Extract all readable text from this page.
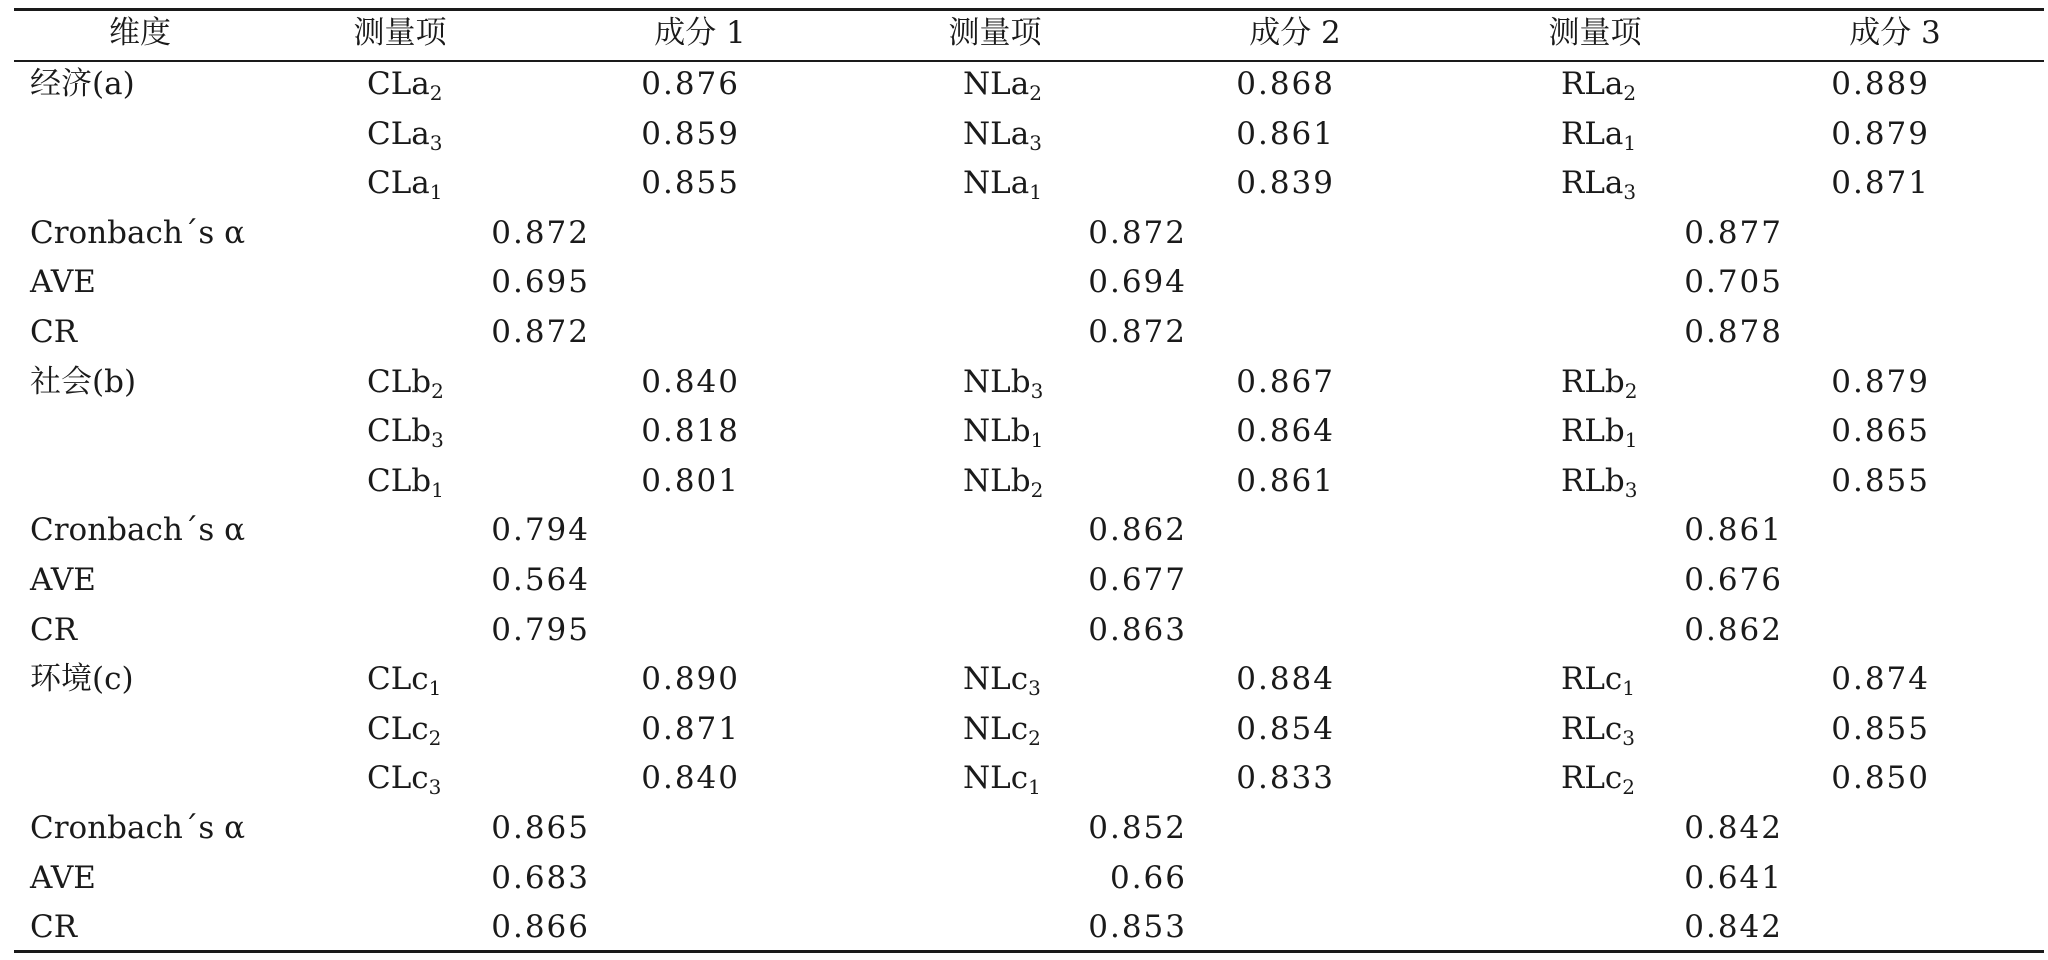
维度	测量项	成分 1	测量项	成分 2	测量项	成分 3
经济(a)	CLa$_2$	0.876	NLa$_2$	0.868	RLa$_2$	0.889
CLa$_3$	0.859	NLa$_3$	0.861	RLa$_1$	0.879
CLa$_1$	0.855	NLa$_1$	0.839	RLa$_3$	0.871
Cronbach´s α	0.872	0.872	0.877
AVE	0.695	0.694	0.705
CR	0.872	0.872	0.878
社会(b)	CLb$_2$	0.840	NLb$_3$	0.867	RLb$_2$	0.879
CLb$_3$	0.818	NLb$_1$	0.864	RLb$_1$	0.865
CLb$_1$	0.801	NLb$_2$	0.861	RLb$_3$	0.855
Cronbach´s α	0.794	0.862	0.861
AVE	0.564	0.677	0.676
CR	0.795	0.863	0.862
环境(c)	CLc$_1$	0.890	NLc$_3$	0.884	RLc$_1$	0.874
CLc$_2$	0.871	NLc$_2$	0.854	RLc$_3$	0.855
CLc$_3$	0.840	NLc$_1$	0.833	RLc$_2$	0.850
Cronbach´s α	0.865	0.852	0.842
AVE	0.683	0.66	0.641
CR	0.866	0.853	0.842
